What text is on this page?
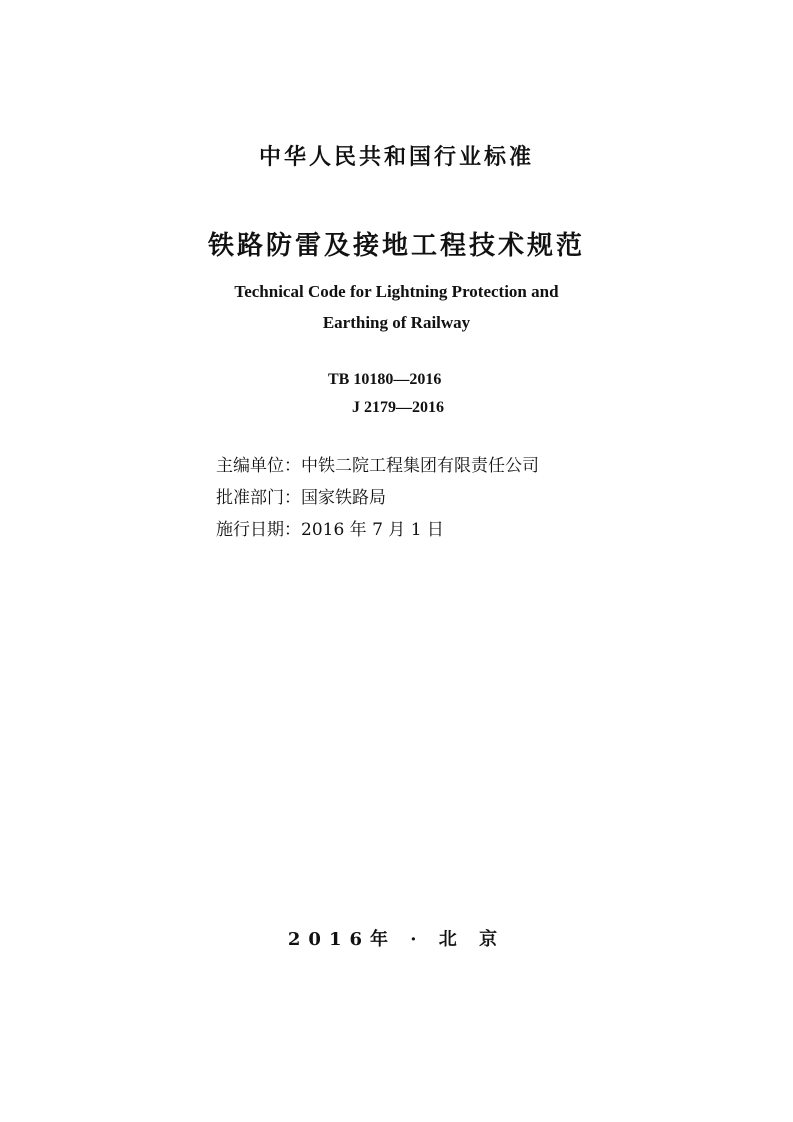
中华人民共和国行业标准
铁路防雷及接地工程技术规范
Technical Code for Lightning Protection and
Earthing of Railway
TB 10180—2016
J 2179—2016
主编单位：中铁二院工程集团有限责任公司
批准部门：国家铁路局
施行日期：2016 年 7 月 1 日
2016年 · 北 京
